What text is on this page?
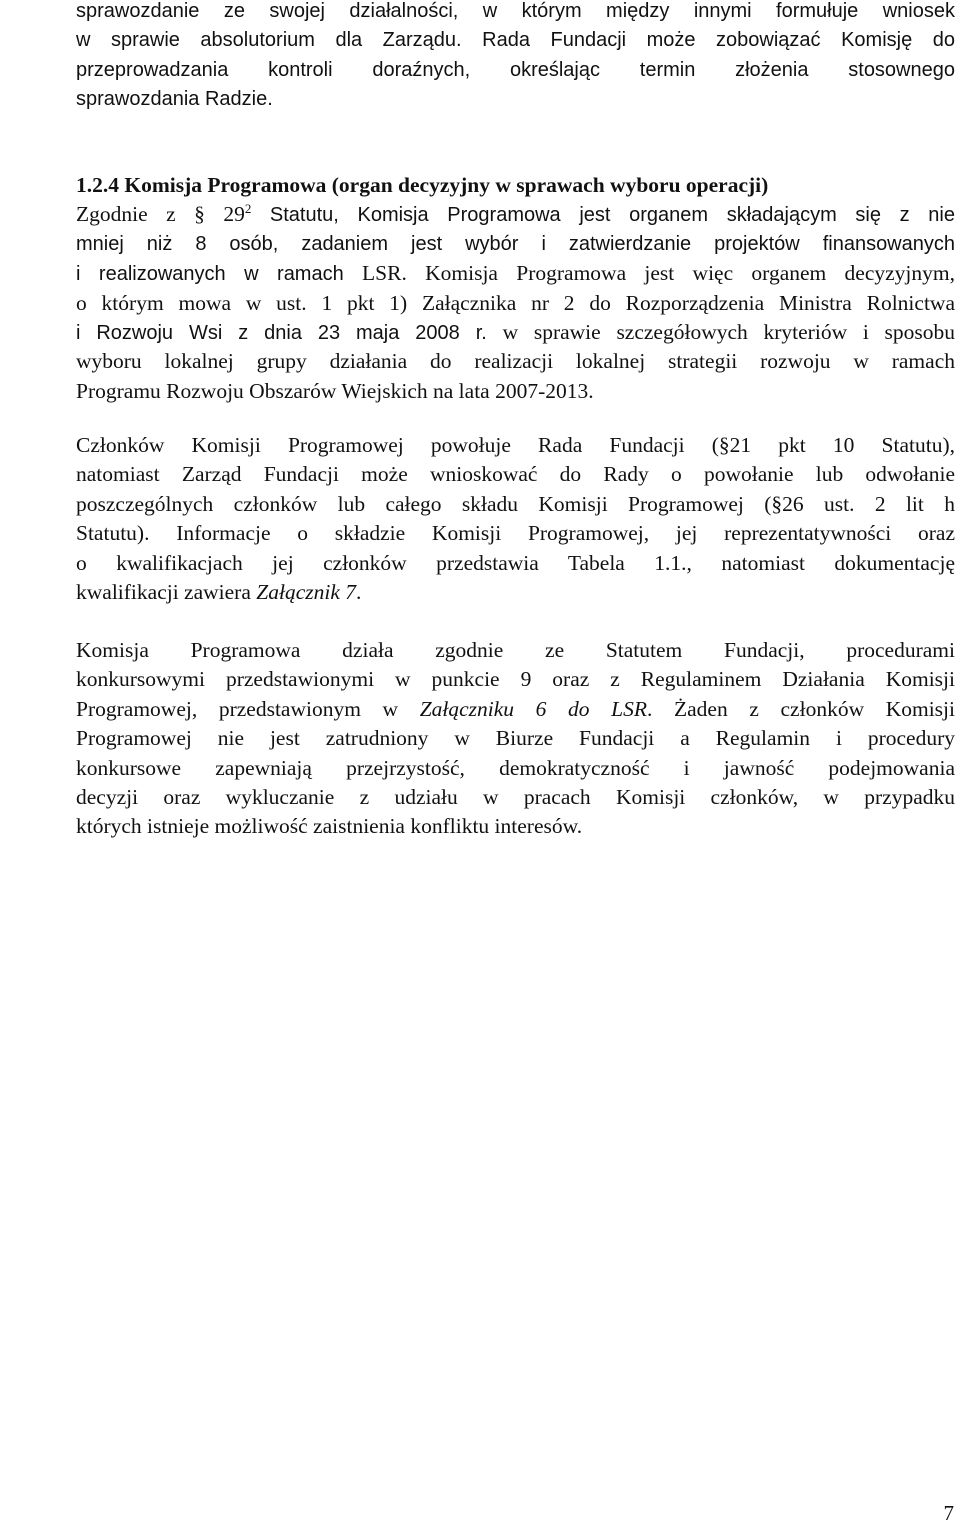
sprawozdanie ze swojej działalności, w którym między innymi formułuje wniosek
w sprawie absolutorium dla Zarządu. Rada Fundacji może zobowiązać Komisję do
przeprowadzania kontroli doraźnych, określając termin złożenia stosownego
sprawozdania Radzie.
1.2.4 Komisja Programowa (organ decyzyjny w sprawach wyboru operacji)
Zgodnie z § $29^2$ Statutu, Komisja Programowa jest organem składającym się z nie
mniej niż 8 osób, zadaniem jest wybór i zatwierdzanie projektów finansowanych
i realizowanych w ramach LSR. Komisja Programowa jest więc organem decyzyjnym,
o którym mowa w ust. 1 pkt 1) Załącznika nr 2 do Rozporządzenia Ministra Rolnictwa
i Rozwoju Wsi z dnia 23 maja 2008 r. w sprawie szczegółowych kryteriów i sposobu
wyboru lokalnej grupy działania do realizacji lokalnej strategii rozwoju w ramach
Programu Rozwoju Obszarów Wiejskich na lata 2007-2013.
Członków Komisji Programowej powołuje Rada Fundacji (§21 pkt 10 Statutu),
natomiast Zarząd Fundacji może wnioskować do Rady o powołanie lub odwołanie
poszczególnych członków lub całego składu Komisji Programowej (§26 ust. 2 lit h
Statutu). Informacje o składzie Komisji Programowej, jej reprezentatywności oraz
o kwalifikacjach jej członków przedstawia Tabela 1.1., natomiast dokumentację
kwalifikacji zawiera Załącznik 7.
Komisja Programowa działa zgodnie ze Statutem Fundacji, procedurami
konkursowymi przedstawionymi w punkcie 9 oraz z Regulaminem Działania Komisji
Programowej, przedstawionym w Załączniku 6 do LSR. Żaden z członków Komisji
Programowej nie jest zatrudniony w Biurze Fundacji a Regulamin i procedury
konkursowe zapewniają przejrzystość, demokratyczność i jawność podejmowania
decyzji oraz wykluczanie z udziału w pracach Komisji członków, w przypadku
których istnieje możliwość zaistnienia konfliktu interesów.
7
